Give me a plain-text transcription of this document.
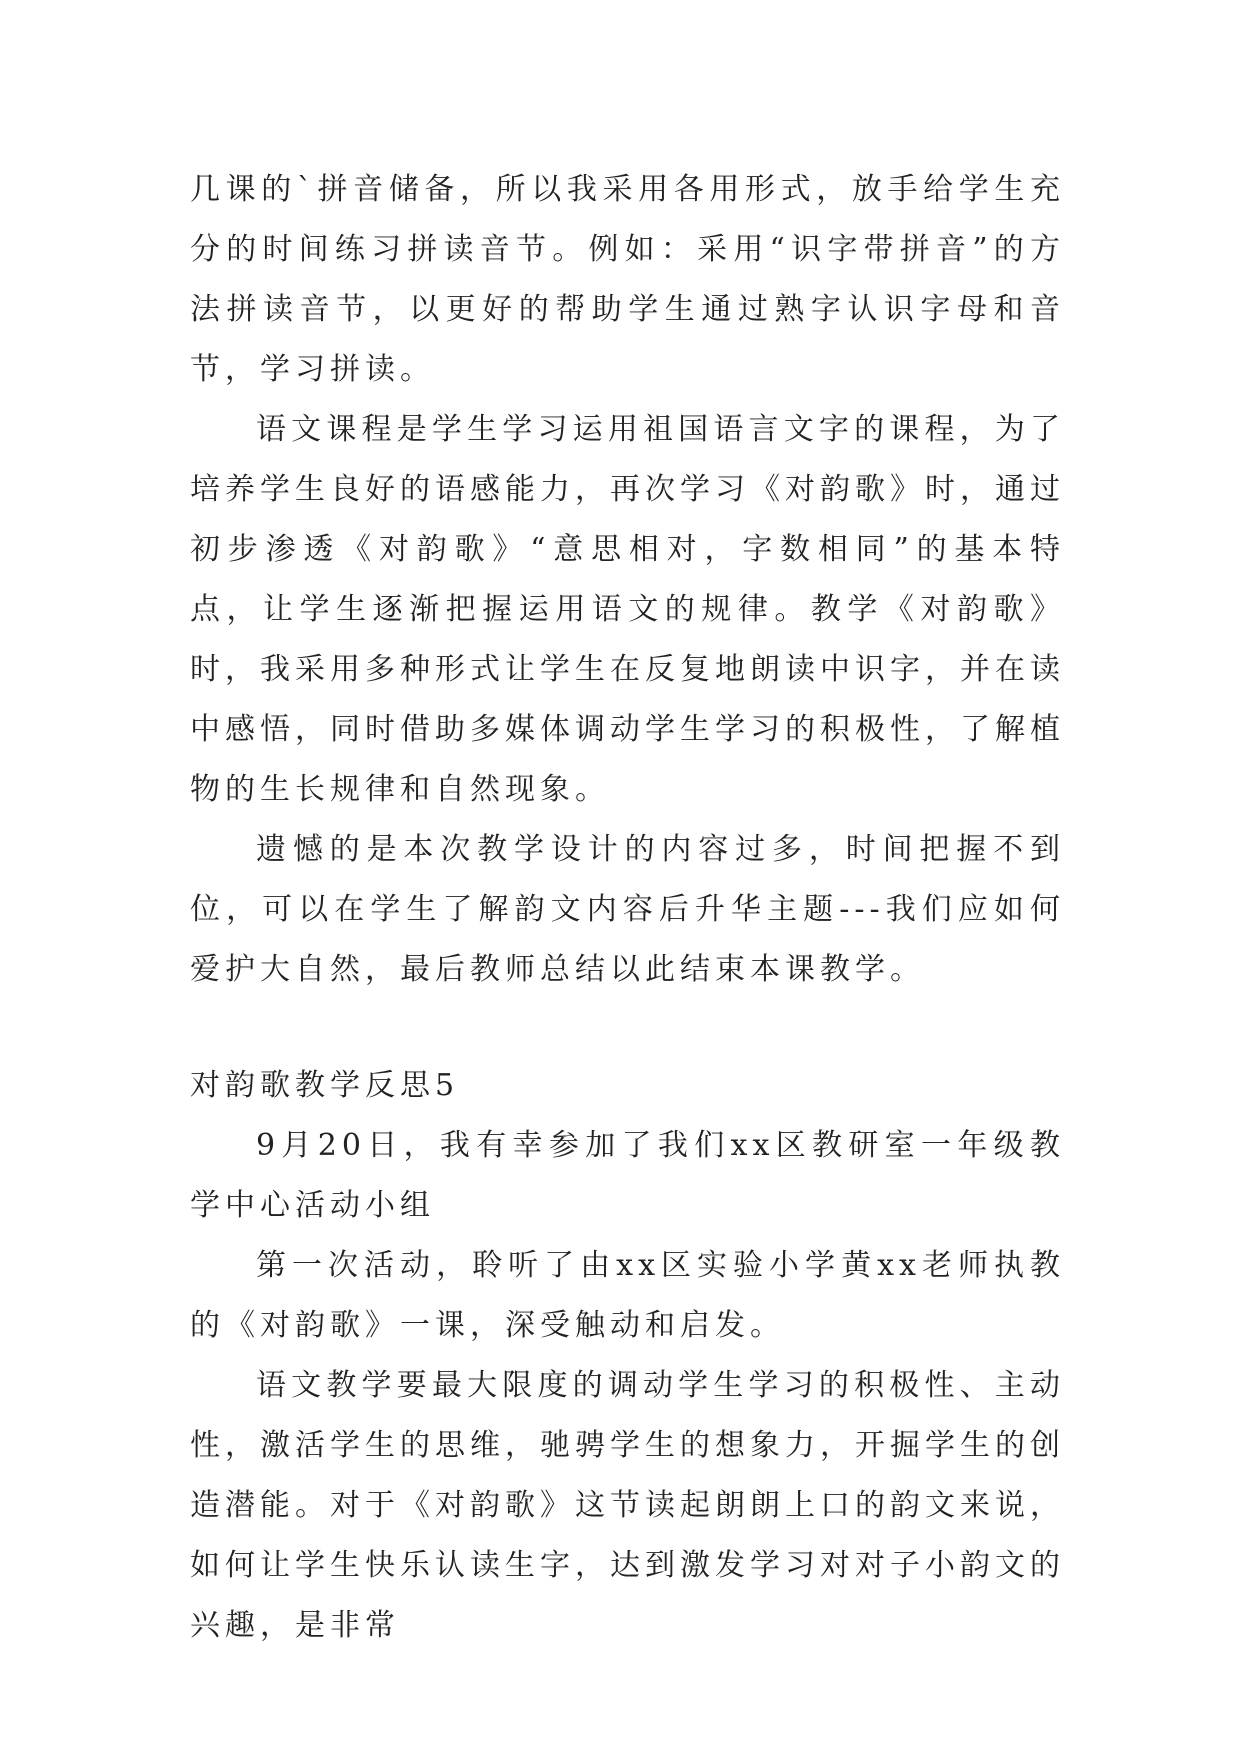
几课的`拼音储备，所以我采用各用形式，放手给学生充分的时间练习拼读音节。例如：采用“识字带拼音”的方法拼读音节，以更好的帮助学生通过熟字认识字母和音节，学习拼读。

语文课程是学生学习运用祖国语言文字的课程，为了培养学生良好的语感能力，再次学习《对韵歌》时，通过初步渗透《对韵歌》“意思相对，字数相同”的基本特点，让学生逐渐把握运用语文的规律。教学《对韵歌》时，我采用多种形式让学生在反复地朗读中识字，并在读中感悟，同时借助多媒体调动学生学习的积极性，了解植物的生长规律和自然现象。

遗憾的是本次教学设计的内容过多，时间把握不到位，可以在学生了解韵文内容后升华主题---我们应如何爱护大自然，最后教师总结以此结束本课教学。

对韵歌教学反思5

9月20日，我有幸参加了我们xx区教研室一年级教学中心活动小组

第一次活动，聆听了由xx区实验小学黄xx老师执教的《对韵歌》一课，深受触动和启发。

语文教学要最大限度的调动学生学习的积极性、主动性，激活学生的思维，驰骋学生的想象力，开掘学生的创造潜能。对于《对韵歌》这节读起朗朗上口的韵文来说，如何让学生快乐认读生字，达到激发学习对对子小韵文的兴趣，是非常
